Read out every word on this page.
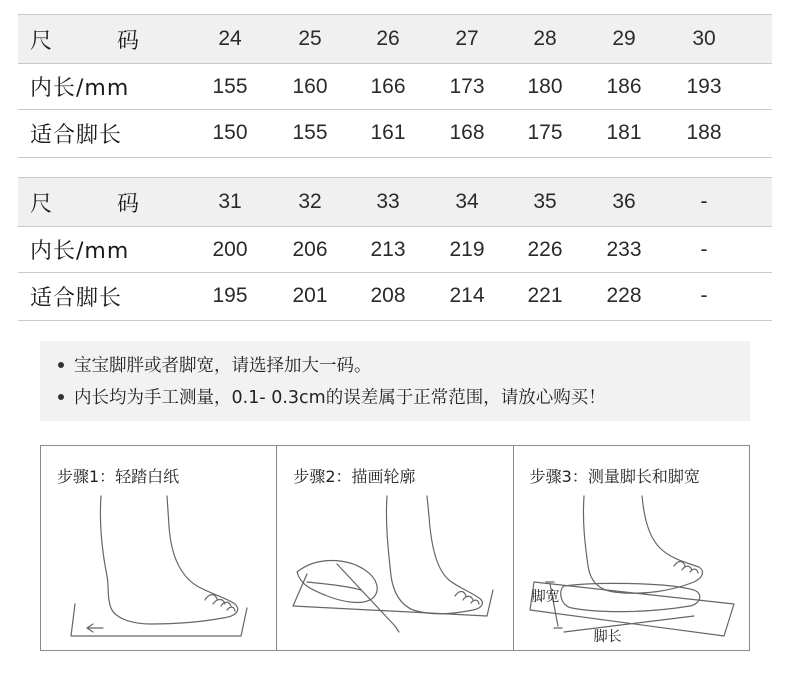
尺	码	24	25	26	27	28	29	30
内长/mm	155	160	166	173	180	186	193
适合脚长	150	155	161	168	175	181	188
尺	码	31	32	33	34	35	36	-
内长/mm	200	206	213	219	226	233	-
适合脚长	195	201	208	214	221	228	-
宝宝脚胖或者脚宽，请选择加大一码。
内长均为手工测量，0.1- 0.3cm的误差属于正常范围，请放心购买！
步骤1：轻踏白纸	步骤2：描画轮廓	步骤3：测量脚长和脚宽
脚宽
脚长
